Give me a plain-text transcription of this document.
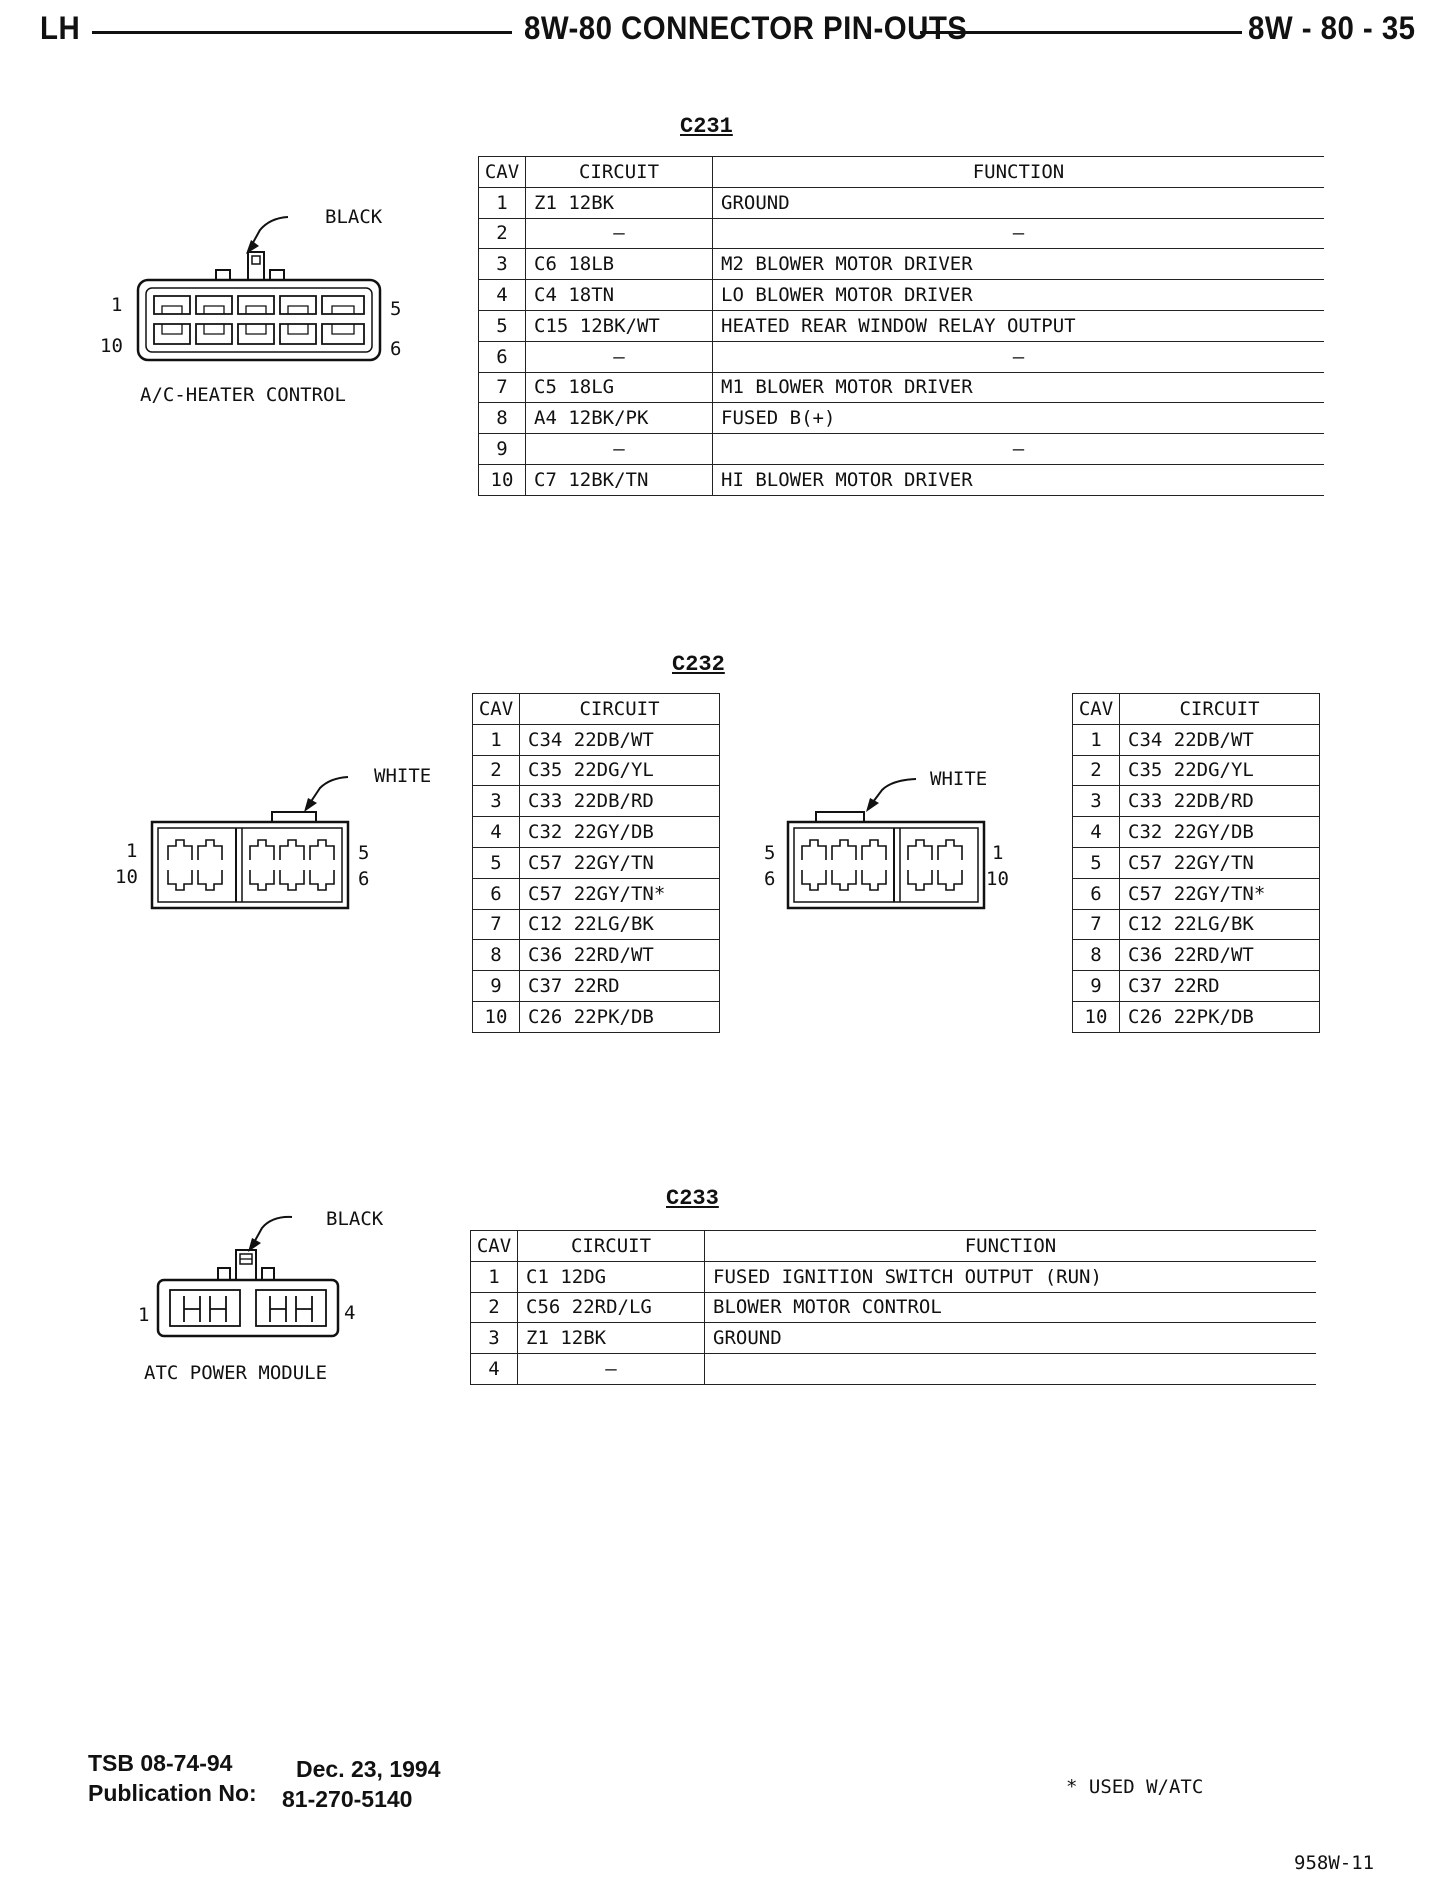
LH	8W-80 CONNECTOR PIN-OUTS	8W - 80 - 35
C231
BLACK
1
10
5
6
A/C-HEATER CONTROL
CAV	CIRCUIT	FUNCTION
1	Z1 12BK	GROUND
2	–	–
3	C6 18LB	M2 BLOWER MOTOR DRIVER
4	C4 18TN	LO BLOWER MOTOR DRIVER
5	C15 12BK/WT	HEATED REAR WINDOW RELAY OUTPUT
6	–	–
7	C5 18LG	M1 BLOWER MOTOR DRIVER
8	A4 12BK/PK	FUSED B(+)
9	–	–
10	C7 12BK/TN	HI BLOWER MOTOR DRIVER
C232
WHITE
1
10
5
6
CAV	CIRCUIT
1	C34 22DB/WT
2	C35 22DG/YL
3	C33 22DB/RD
4	C32 22GY/DB
5	C57 22GY/TN
6	C57 22GY/TN*
7	C12 22LG/BK
8	C36 22RD/WT
9	C37 22RD
10	C26 22PK/DB
WHITE
5
6
1
10
CAV	CIRCUIT
1	C34 22DB/WT
2	C35 22DG/YL
3	C33 22DB/RD
4	C32 22GY/DB
5	C57 22GY/TN
6	C57 22GY/TN*
7	C12 22LG/BK
8	C36 22RD/WT
9	C37 22RD
10	C26 22PK/DB
C233
BLACK
1	4
ATC POWER MODULE
CAV	CIRCUIT	FUNCTION
1	C1 12DG	FUSED IGNITION SWITCH OUTPUT (RUN)
2	C56 22RD/LG	BLOWER MOTOR CONTROL
3	Z1 12BK	GROUND
4	–	
TSB 08-74-94	Dec. 23, 1994
Publication No: 81-270-5140	* USED W/ATC
958W-11
